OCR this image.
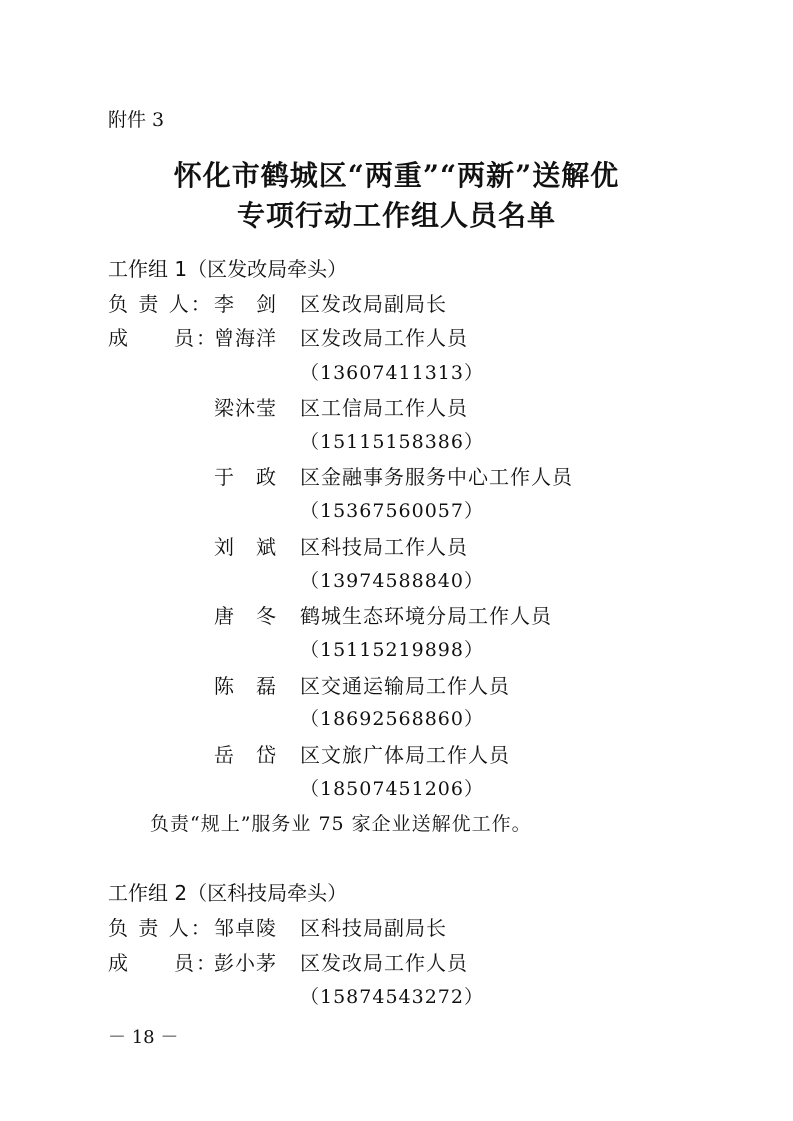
附件 3
怀化市鹤城区“两重”“两新”送解优
专项行动工作组人员名单
工作组 1（区发改局牵头）
负 责 人： 李　剑 区发改局副局长
成　　员：
曾海洋 区发改局工作人员
（13607411313）
梁沐莹 区工信局工作人员
（15115158386）
于　政 区金融事务服务中心工作人员
（15367560057）
刘　斌 区科技局工作人员
（13974588840）
唐　冬 鹤城生态环境分局工作人员
（15115219898）
陈　磊 区交通运输局工作人员
（18692568860）
岳　岱 区文旅广体局工作人员
（18507451206）
负责“规上”服务业 75 家企业送解优工作。
工作组 2（区科技局牵头）
负 责 人： 邹卓陵 区科技局副局长
成　　员：
彭小茅 区发改局工作人员
（15874543272）
－ 18 －
